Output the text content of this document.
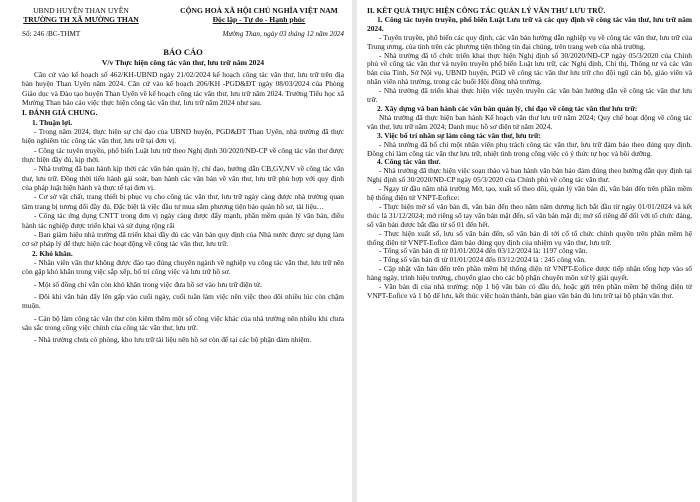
UBND HUYỆN THAN UYÊN
TRƯỜNG TH XÃ MƯỜNG THAN
CỘNG HOÀ XÃ HỘI CHỦ NGHĨA VIỆT NAM
Độc lập - Tự do - Hạnh phúc
Số: 246 /BC-THMT	Mường Than, ngày 03 tháng 12 năm 2024
BÁO CÁO
V/v Thực hiện công tác văn thư, lưu trữ năm 2024

Căn cứ vào kế hoạch số 462/KH-UBND ngày 21/02/2024 kế hoạch công tác văn thư, lưu trữ trên địa bàn huyện Than Uyên năm 2024. Căn cứ vào kế hoạch 206/KH -PGD&ĐT ngày 08/03/2024 của Phòng Giáo dục và Đào tạo huyện Than Uyên về kế hoạch công tác văn thư, lưu trữ năm 2024. Trường Tiểu học xã Mường Than báo cáo việc thực hiện công tác văn thư, lưu trữ năm 2024 như sau.

I. ĐÁNH GIÁ CHUNG.

1. Thuận lợi.

- Trong năm 2024, thực hiện sự chỉ đạo của UBND huyện, PGD&ĐT Than Uyên, nhà trường đã thực hiện nghiêm túc công tác văn thư, lưu trữ tại đơn vị.

- Công tác tuyên truyền, phổ biến Luật lưu trữ theo Nghị định 30/2020/NĐ-CP về công tác văn thư được thực hiện đầy đủ, kịp thời.

- Nhà trường đã ban hành kịp thời các văn bản quản lý, chỉ đạo, hướng dẫn CB,GV,NV về công tác văn thư, lưu trữ. Đồng thời tiến hành gài soát, ban hành các văn bản về văn thư, lưu trữ phù hợp với quy định của pháp luật hiện hành và thực tế tại đơn vị.

- Cơ sở vật chất, trang thiết bị phục vụ cho công tác văn thư, lưu trữ ngày càng được nhà trường quan tâm trang bị tương đối đầy đủ. Đặc biệt là việc đầu tư mua sắm phương tiện bảo quản hồ sơ, tài liệu…

- Công tác ứng dụng CNTT trong đơn vị ngày càng được đẩy mạnh, phần mềm quản lý văn bản, điều hành tác nghiệp được triển khai và sử dụng rộng rãi

- Ban giám hiệu nhà trường đã triển khai đầy đủ các văn bản quy định của Nhà nước được sự dụng làm cơ sở pháp lý để thực hiện các hoạt động về công tác văn thư, lưu trữ.

2. Khó khăn.

- Nhân viên văn thư không được đào tạo đúng chuyên ngành về nghiệp vụ công tác văn thư, lưu trữ nên còn gặp khó khăn trong việc sắp xếp, bố trí công việc và lưu trữ hồ sơ.

- Một số đồng chí vẫn còn khó khăn trong việc đưa hồ sơ vào lưu trữ điện tử.

- Đôi khi văn bản đẩy lên gấp vào cuối ngày, cuối tuần làm việc nên việc theo dõi nhiều lúc còn chậm muộn.

- Cán bộ làm công tác văn thư còn kiêm thêm một số công việc khác của nhà trường nên nhiều khi chưa sâu sắc trong công việc chính của công tác văn thư, lưu trữ.

- Nhà trường chưa có phòng, kho lưu trữ tài liệu nên hồ sơ còn để tại các bộ phận đảm nhiệm.

II. KẾT QUẢ THỰC HIỆN CÔNG TÁC QUẢN LÝ VĂN THƯ LƯU TRỮ.

1. Công tác tuyên truyền, phổ biến Luật Lưu trữ và các quy định về công tác văn thư, lưu trữ năm 2024.

- Tuyên truyền, phổ biến các quy định, các văn bản hướng dẫn nghiệp vụ về công tác văn thư, lưu trữ của Trung ương, của tỉnh trên các phương tiện thông tin đại chúng, trên trang web của nhà trường.

- Nhà trường đã tổ chức triển khai thực hiện Nghị định số 30/2020/NĐ-CP ngày 05/3/2020 của Chính phủ về công tác văn thư và tuyên truyền phổ biến Luật lưu trữ, các Nghị định, Chỉ thị, Thông tư và các văn bản của Tỉnh, Sở Nội vụ, UBND huyện, PGD về công tác văn thư lưu trữ cho đội ngũ cán bộ, giáo viên và nhân viên nhà trường, trong các buổi Hội đồng nhà trường.

- Nhà trường đã triển khai thực hiện việc tuyên truyền các văn bản hướng dẫn về công tác văn thư lưu trữ.

2. Xây dựng và ban hành các văn bản quản lý, chỉ đạo về công tác văn thư lưu trữ:

Nhà trường đã thực hiện ban hành Kế hoạch văn thư lưu trữ năm 2024; Quy chế hoạt động về công tác văn thư, lưu trữ năm 2024; Danh mục hồ sơ điện tử năm 2024.

3. Việc bố trí nhân sự làm công tác văn thư, lưu trữ:

- Nhà trường đã bố chí một nhân viên phụ trách công tác văn thư, lưu trữ đảm bảo theo đúng quy định. Đồng chí làm công tác văn thư lưu trữ, nhiệt tình trong công việc có ý thức tự học và bồi dưỡng.

4. Công tác văn thư.

- Nhà trường đã thực hiện việc soạn thảo và ban hành văn bản bảo đảm đúng theo hướng dẫn quy định tại Nghị định số 30/2020/NĐ-CP ngày 05/3/2020 của Chính phủ về công tác văn thư.

- Ngay từ đầu năm nhà trường Mở, tạo, xuất số theo dõi, quản lý văn bản đi, văn bản đến trên phần mềm hệ thống điện tử VNPT-Eofice:

- Thực hiện mở số văn bản đi, văn bản đến theo năm năm dương lịch bắt đầu từ ngày 01/01/2024 và kết thúc là 31/12/2024; mở riêng số tay văn bản mật đến, số văn bản mật đi; mở số riêng để đối với tổ chức đảng, số văn bản được bắt đầu từ số 01 đến hết.

- Thực hiện xuất số, lưu sổ văn bản đến, sổ văn bản đi tới cổ tổ chức chính quyền trên phần mềm hệ thống điện tử VNPT-Eofice đảm bảo đúng quy định của nhiệm vụ văn thư, lưu trữ.

- Tổng số văn bản đi từ 01/01/2024 đến 03/12/2024 là: 1197 công văn.

- Tổng số văn bản đi từ 01/01/2024 đến 03/12/2024 là : 245 công văn.

- Cập nhật văn bản đến trên phần mềm hệ thống điện tử VNPT-Eofice được tiếp nhận tổng hợp vào sổ hàng ngày, trình hiệu trưởng, chuyển giao cho các bộ phận chuyên môn xử lý giải quyết.

- Văn bản đi của nhà trường: nộp 1 bộ văn bản có đầu đỏ, hoặc gửi trên phần mềm hệ thống điện tử VNPT-Eofice và 1 bộ để lưu, kết thúc việc hoàn thành, bàn giao văn bản đủ lưu trữ tại bộ phận văn thư.
